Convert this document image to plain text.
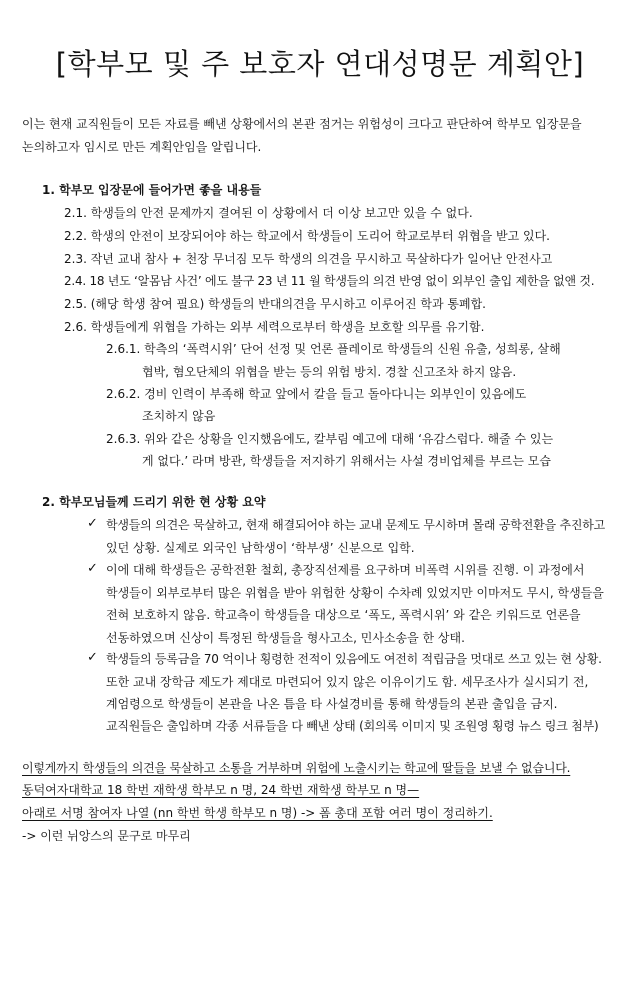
[학부모 및 주 보호자 연대성명문 계획안]
이는 현재 교직원들이 모든 자료를 빼낸 상황에서의 본관 점거는 위험성이 크다고 판단하여 학부모 입장문을
논의하고자 임시로 만든 계획안임을 알립니다.
1. 학부모 입장문에 들어가면 좋을 내용들
2.1. 학생들의 안전 문제까지 결여된 이 상황에서 더 이상 보고만 있을 수 없다.
2.2. 학생의 안전이 보장되어야 하는 학교에서 학생들이 도리어 학교로부터 위협을 받고 있다.
2.3. 작년 교내 참사 + 천장 무너짐 모두 학생의 의견을 무시하고 묵살하다가 일어난 안전사고
2.4. 18 년도 ‘알몸남 사건’ 에도 불구 23 년 11 월 학생들의 의견 반영 없이 외부인 출입 제한을 없앤 것.
2.5. (해당 학생 참여 필요) 학생들의 반대의견을 무시하고 이루어진 학과 통폐합.
2.6. 학생들에게 위협을 가하는 외부 세력으로부터 학생을 보호할 의무를 유기함.
2.6.1. 학측의 ‘폭력시위’ 단어 선정 및 언론 플레이로 학생들의 신원 유출, 성희롱, 살해
협박, 혐오단체의 위협을 받는 등의 위험 방치. 경찰 신고조차 하지 않음.
2.6.2. 경비 인력이 부족해 학교 앞에서 칼을 들고 돌아다니는 외부인이 있음에도
조치하지 않음
2.6.3. 위와 같은 상황을 인지했음에도, 칼부림 예고에 대해 ‘유감스럽다. 해줄 수 있는
게 없다.’ 라며 방관, 학생들을 저지하기 위해서는 사설 경비업체를 부르는 모습
2. 학부모님들께 드리기 위한 현 상황 요약
✓ 학생들의 의견은 묵살하고, 현재 해결되어야 하는 교내 문제도 무시하며 몰래 공학전환을 추진하고
있던 상황. 실제로 외국인 남학생이 ‘학부생’ 신분으로 입학.
✓ 이에 대해 학생들은 공학전환 철회, 총장직선제를 요구하며 비폭력 시위를 진행. 이 과정에서
학생들이 외부로부터 많은 위협을 받아 위험한 상황이 수차례 있었지만 이마저도 무시, 학생들을
전혀 보호하지 않음. 학교측이 학생들을 대상으로 ‘폭도, 폭력시위’ 와 같은 키워드로 언론을
선동하였으며 신상이 특정된 학생들을 형사고소, 민사소송을 한 상태.
✓ 학생들의 등록금을 70 억이나 횡령한 전적이 있음에도 여전히 적립금을 멋대로 쓰고 있는 현 상황.
또한 교내 장학금 제도가 제대로 마련되어 있지 않은 이유이기도 함. 세무조사가 실시되기 전,
계엄령으로 학생들이 본관을 나온 틈을 타 사설경비를 통해 학생들의 본관 출입을 금지.
교직원들은 출입하며 각종 서류들을 다 빼낸 상태 (회의록 이미지 및 조원영 횡령 뉴스 링크 첨부)
이렇게까지 학생들의 의견을 묵살하고 소통을 거부하며 위험에 노출시키는 학교에 딸들을 보낼 수 없습니다.
동덕여자대학교 18 학번 재학생 학부모 n 명, 24 학번 재학생 학부모 n 명—
아래로 서명 참여자 나열 (nn 학번 학생 학부모 n 명) -> 폼 총대 포함 여러 명이 정리하기.
-> 이런 뉘앙스의 문구로 마무리
